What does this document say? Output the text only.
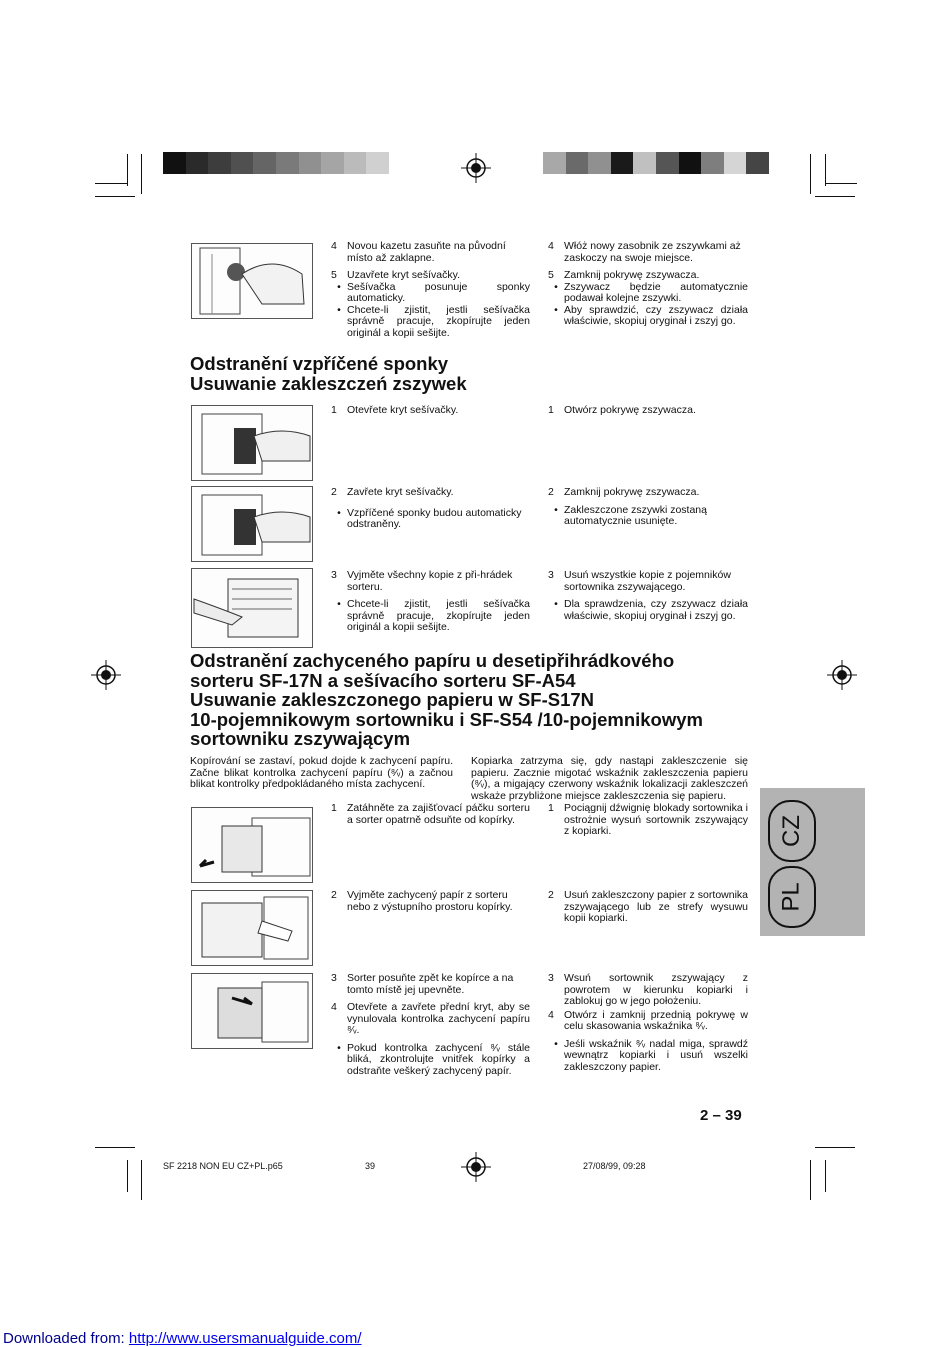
4 Novou kazetu zasuňte na původní místo až zaklapne.
5 Uzavřete kryt sešívačky.
• Sešívačka posunuje sponky automaticky.
• Chcete-li zjistit, jestli sešívačka správně pracuje, zkopírujte jeden originál a kopii sešijte.
4 Włóż nowy zasobnik ze zszywkami aż zaskoczy na swoje miejsce.
5 Zamknij pokrywę zszywacza.
• Zszywacz będzie automatycznie podawał kolejne zszywki.
• Aby sprawdzić, czy zszywacz działa właściwie, skopiuj oryginał i zszyj go.
Odstranění vzpříčené sponky
Usuwanie zakleszczeń zszywek
1 Otevřete kryt sešívačky.	1 Otwórz pokrywę zszywacza.
2 Zavřete kryt sešívačky.
• Vzpříčené sponky budou automaticky odstraněny.
2 Zamknij pokrywę zszywacza.
• Zakleszczone zszywki zostaną automatycznie usunięte.
3 Vyjměte všechny kopie z při-hrádek sorteru.
• Chcete-li zjistit, jestli sešívačka správně pracuje, zkopírujte jeden originál a kopii sešijte.
3 Usuń wszystkie kopie z pojemników sortownika zszywającego.
• Dla sprawdzenia, czy zszywacz działa właściwie, skopiuj oryginał i zszyj go.
Odstranění zachyceného papíru u desetipřihrádkového
sorteru SF-17N a sešívacího sorteru SF-A54
Usuwanie zakleszczonego papieru w SF-S17N
10-pojemnikowym sortowniku i SF-S54 /10-pojemnikowym
sortowniku zszywającym
Kopírování se zastaví, pokud dojde k zachycení papíru. Začne blikat kontrolka zachycení papíru (⁸⁄ᵥ) a začnou blikat kontrolky předpokládaného místa zachycení.
Kopiarka zatrzyma się, gdy nastąpi zakleszczenie się papieru. Zacznie migotać wskaźnik zakleszczenia papieru (⁸⁄ᵥ), a migający czerwony wskaźnik lokalizacji zakleszczeń wskaże przybliżone miejsce zakleszczenia się papieru.
1 Zatáhněte za zajišťovací páčku sorteru a sorter opatrně odsuňte od kopírky.
1 Pociągnij dźwignię blokady sortownika i ostrożnie wysuń sortownik zszywający z kopiarki.
2 Vyjměte zachycený papír z sorteru nebo z výstupního prostoru kopírky.
2 Usuń zakleszczony papier z sortownika zszywającego lub ze strefy wysuwu kopii kopiarki.
3 Sorter posuňte zpět ke kopírce a na tomto místě jej upevněte.
4 Otevřete a zavřete přední kryt, aby se vynulovala kontrolka zachycení papíru ⁸⁄ᵥ.
• Pokud kontrolka zachycení ⁸⁄ᵥ stále bliká, zkontrolujte vnitřek kopírky a odstraňte veškerý zachycený papír.
3 Wsuń sortownik zszywający z powrotem w kierunku kopiarki i zablokuj go w jego położeniu.
4 Otwórz i zamknij przednią pokrywę w celu skasowania wskaźnika ⁸⁄ᵥ.
• Jeśli wskaźnik ⁸⁄ᵥ nadal miga, sprawdź wewnątrz kopiarki i usuń wszelki zakleszczony papier.
CZ
PL
2 – 39
SF 2218 NON EU CZ+PL.p65	39	27/08/99, 09:28
Downloaded from: http://www.usersmanualguide.com/
